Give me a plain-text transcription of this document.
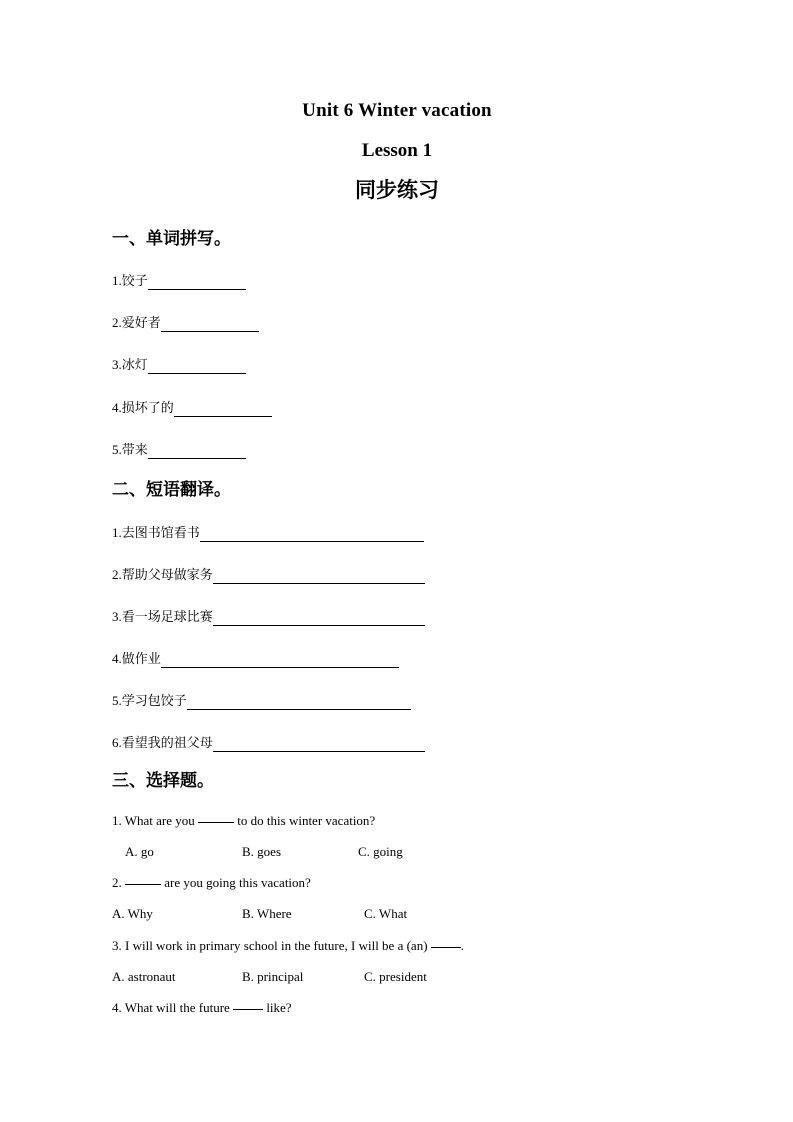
Unit 6 Winter vacation
Lesson 1
同步练习
一、单词拼写。
1.饺子
2.爱好者
3.冰灯
4.损坏了的
5.带来
二、短语翻译。
1.去图书馆看书
2.帮助父母做家务
3.看一场足球比赛
4.做作业
5.学习包饺子
6.看望我的祖父母
三、选择题。
1. What are you	to do this winter vacation?
A. go	B. goes	C. going
2.	are you going this vacation?
A. Why	B. Where	C. What
3. I will work in primary school in the future, I will be a (an) .
A. astronaut	B. principal	C. president
4. What will the future  like?
